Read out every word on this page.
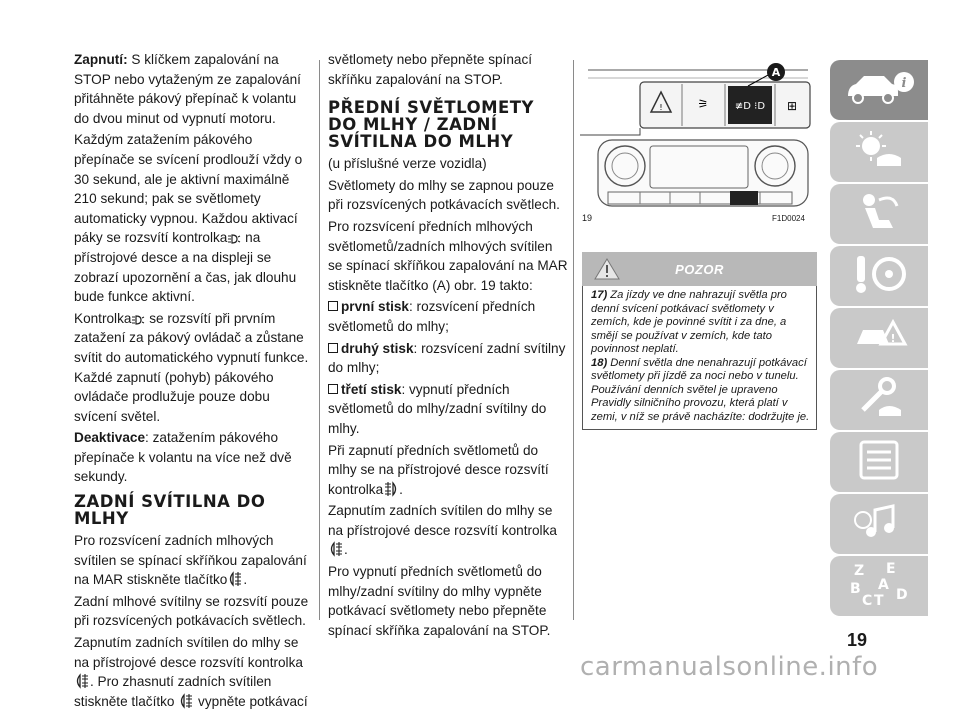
Zapnutí: S klíčkem zapalování na STOP nebo vytaženým ze zapalování přitáhněte pákový přepínač k volantu do dvou minut od vypnutí motoru.

Každým zatažením pákového přepínače se svícení prodlouží vždy o 30 sekund, ale je aktivní maximálně 210 sekund; pak se světlomety automaticky vypnou. Každou aktivací páky se rozsvítí kontrolka
na přístrojové desce a na displeji se zobrazí upozornění a čas, jak dlouhu bude funkce aktivní.

Kontrolka
se rozsvítí při prvním zatažení za pákový ovládač a zůstane svítit do automatického vypnutí funkce. Každé zapnutí (pohyb) pákového ovládače prodlužuje pouze dobu svícení světel.

Deaktivace: zatažením pákového přepínače k volantu na více než dvě sekundy.

ZADNÍ SVÍTILNA DO MLHY

Pro rozsvícení zadních mlhových svítilen se spínací skříňkou zapalování na MAR stiskněte tlačítko .

Zadní mlhové svítilny se rozsvítí pouze při rozsvícených potkávacích světlech.

Zapnutím zadních svítilen do mlhy se na přístrojové desce rozsvítí kontrolka

. Pro zhasnutí zadních svítilen stiskněte tlačítko
vypněte potkávací

světlomety nebo přepněte spínací skříňku zapalování na STOP.

PŘEDNÍ SVĚTLOMETY DO MLHY / ZADNÍ SVÍTILNA DO MLHY

(u příslušné verze vozidla)

Světlomety do mlhy se zapnou pouze při rozsvícených potkávacích světlech.

Pro rozsvícení předních mlhových světlometů/zadních mlhových svítilen se spínací skříňkou zapalování na MAR stiskněte tlačítko (A) obr. 19 takto:

první stisk: rozsvícení předních světlometů do mlhy;

druhý stisk: rozsvícení zadní svítilny do mlhy;

třetí stisk: vypnutí předních světlometů do mlhy/zadní svítilny do mlhy.

Při zapnutí předních světlometů do mlhy se na přístrojové desce rozsvítí kontrolka .

Zapnutím zadních svítilen do mlhy se na přístrojové desce rozsvítí kontrolka

.

Pro vypnutí předních světlometů do mlhy/zadní svítilny do mlhy vypněte potkávací světlomety nebo přepněte spínací skříňka zapalování na STOP.

!	⚞	≢D ⁝D ⊞
A
19	F1D0024
POZOR

17) Za jízdy ve dne nahrazují světla pro denní svícení potkávací světlomety v zemích, kde je povinné svítit i za dne, a smějí se používat v zemích, kde tato povinnost neplatí.

18) Denní světla dne nenahrazují potkávací světlomety při jízdě za noci nebo v tunelu. Používání denních světel je upraveno Pravidly silničního provozu, která platí v zemi, v níž se právě nacházíte: dodržujte je.

i
!
Z E
A
B
C T D
19
carmanualsonline.info
